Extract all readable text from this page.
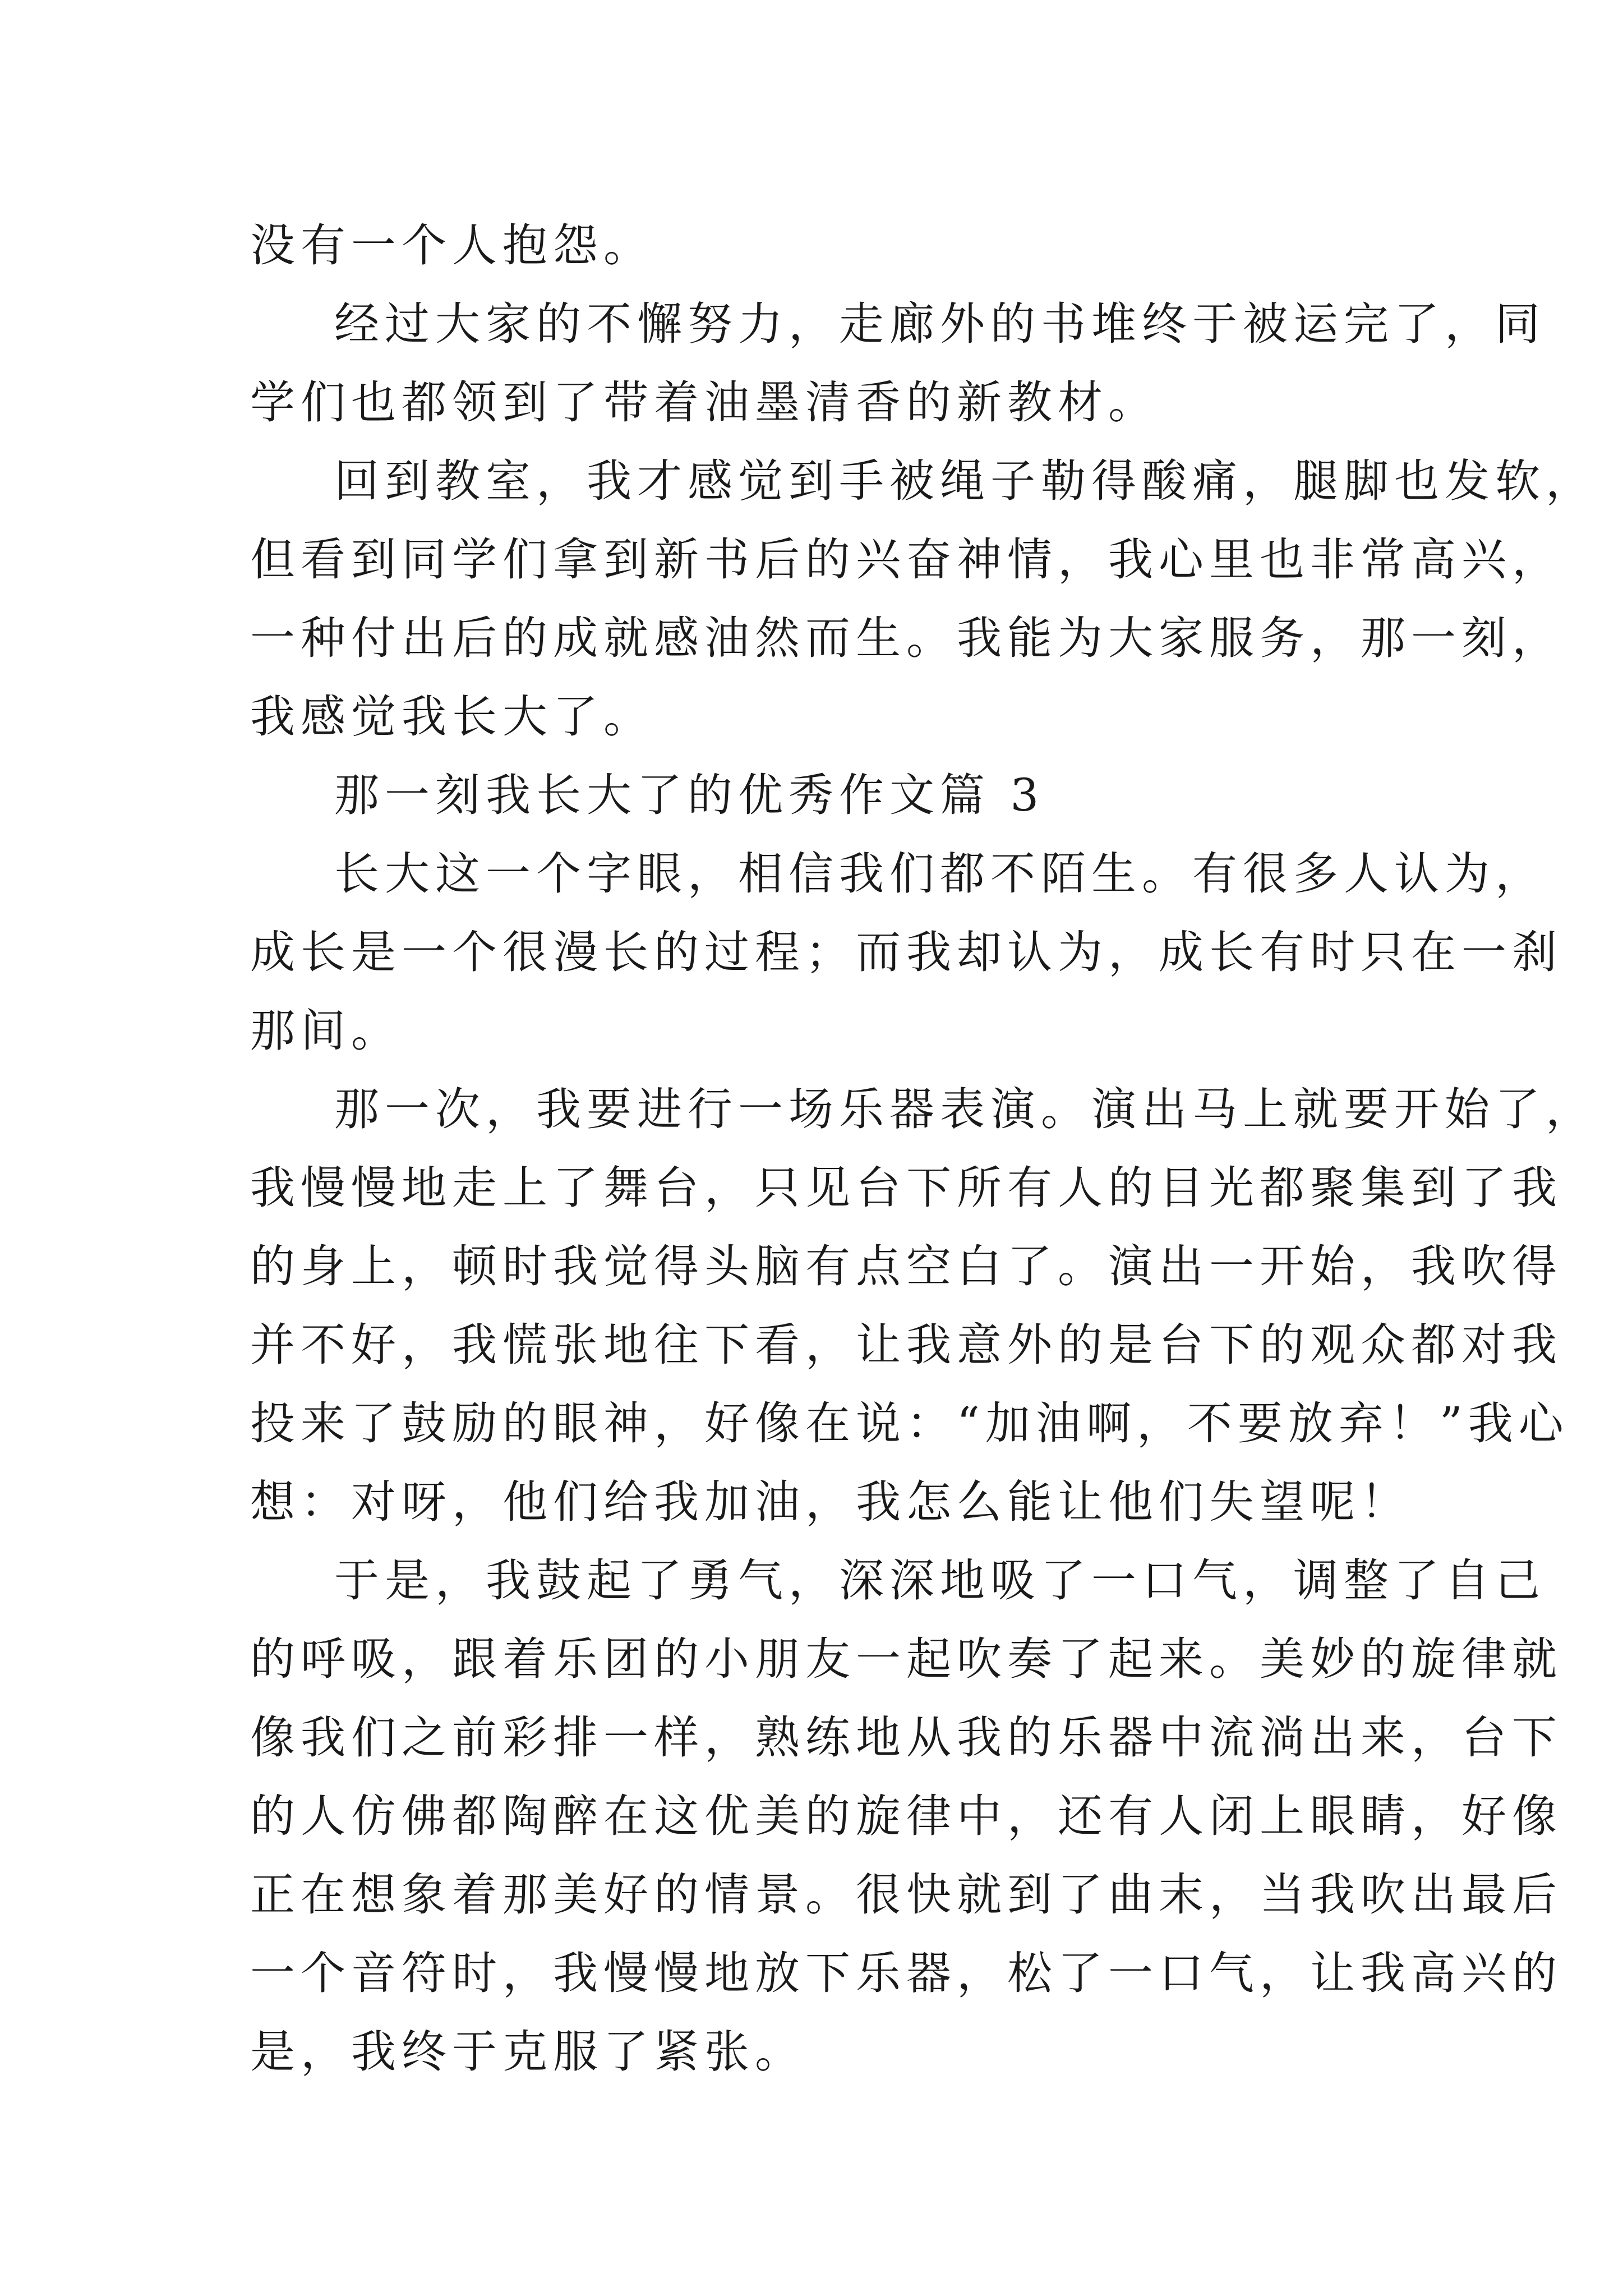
没有一个人抱怨。
经过大家的不懈努力，走廊外的书堆终于被运完了，同
学们也都领到了带着油墨清香的新教材。
回到教室，我才感觉到手被绳子勒得酸痛，腿脚也发软，
但看到同学们拿到新书后的兴奋神情，我心里也非常高兴，
一种付出后的成就感油然而生。我能为大家服务，那一刻，
我感觉我长大了。
那一刻我长大了的优秀作文篇 3
长大这一个字眼，相信我们都不陌生。有很多人认为，
成长是一个很漫长的过程；而我却认为，成长有时只在一刹
那间。
那一次，我要进行一场乐器表演。演出马上就要开始了，
我慢慢地走上了舞台，只见台下所有人的目光都聚集到了我
的身上，顿时我觉得头脑有点空白了。演出一开始，我吹得
并不好，我慌张地往下看，让我意外的是台下的观众都对我
投来了鼓励的眼神，好像在说：“加油啊，不要放弃！”我心
想：对呀，他们给我加油，我怎么能让他们失望呢！
于是，我鼓起了勇气，深深地吸了一口气，调整了自己
的呼吸，跟着乐团的小朋友一起吹奏了起来。美妙的旋律就
像我们之前彩排一样，熟练地从我的乐器中流淌出来，台下
的人仿佛都陶醉在这优美的旋律中，还有人闭上眼睛，好像
正在想象着那美好的情景。很快就到了曲末，当我吹出最后
一个音符时，我慢慢地放下乐器，松了一口气，让我高兴的
是，我终于克服了紧张。
